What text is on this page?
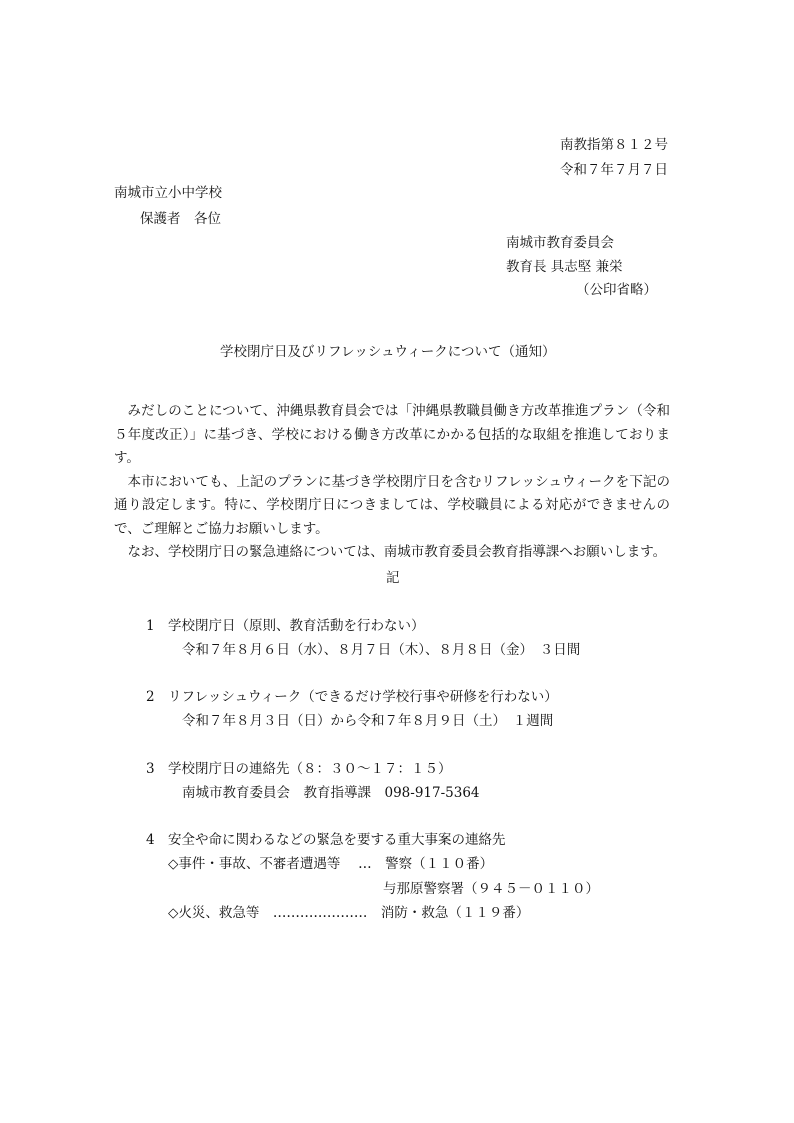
南教指第８１２号
令和７年７月７日
南城市立小中学校
保護者　各位
南城市教育委員会
教育長 具志堅 兼栄
（公印省略）
学校閉庁日及びリフレッシュウィークについて（通知）

みだしのことについて、沖縄県教育員会では「沖縄県教職員働き方改革推進プラン（令和５年度改正）」に基づき、学校における働き方改革にかかる包括的な取組を推進しております。

本市においても、上記のプランに基づき学校閉庁日を含むリフレッシュウィークを下記の通り設定します。特に、学校閉庁日につきましては、学校職員による対応ができませんので、ご理解とご協力お願いします。

なお、学校閉庁日の緊急連絡については、南城市教育委員会教育指導課へお願いします。

記
1 学校閉庁日（原則、教育活動を行わない）
令和７年８月６日（水）、８月７日（木）、８月８日（金）　３日間
2 リフレッシュウィーク（できるだけ学校行事や研修を行わない）
令和７年８月３日（日）から令和７年８月９日（土）　１週間
3 学校閉庁日の連絡先（８：３０～１７：１５）
南城市教育委員会　教育指導課　098-917-5364
4 安全や命に関わるなどの緊急を要する重大事案の連絡先
◇事件・事故、不審者遭遇等　 …　警察（１１０番）
与那原警察署（９４５－０１１０）
◇火災、救急等　…………………　消防・救急（１１９番）
